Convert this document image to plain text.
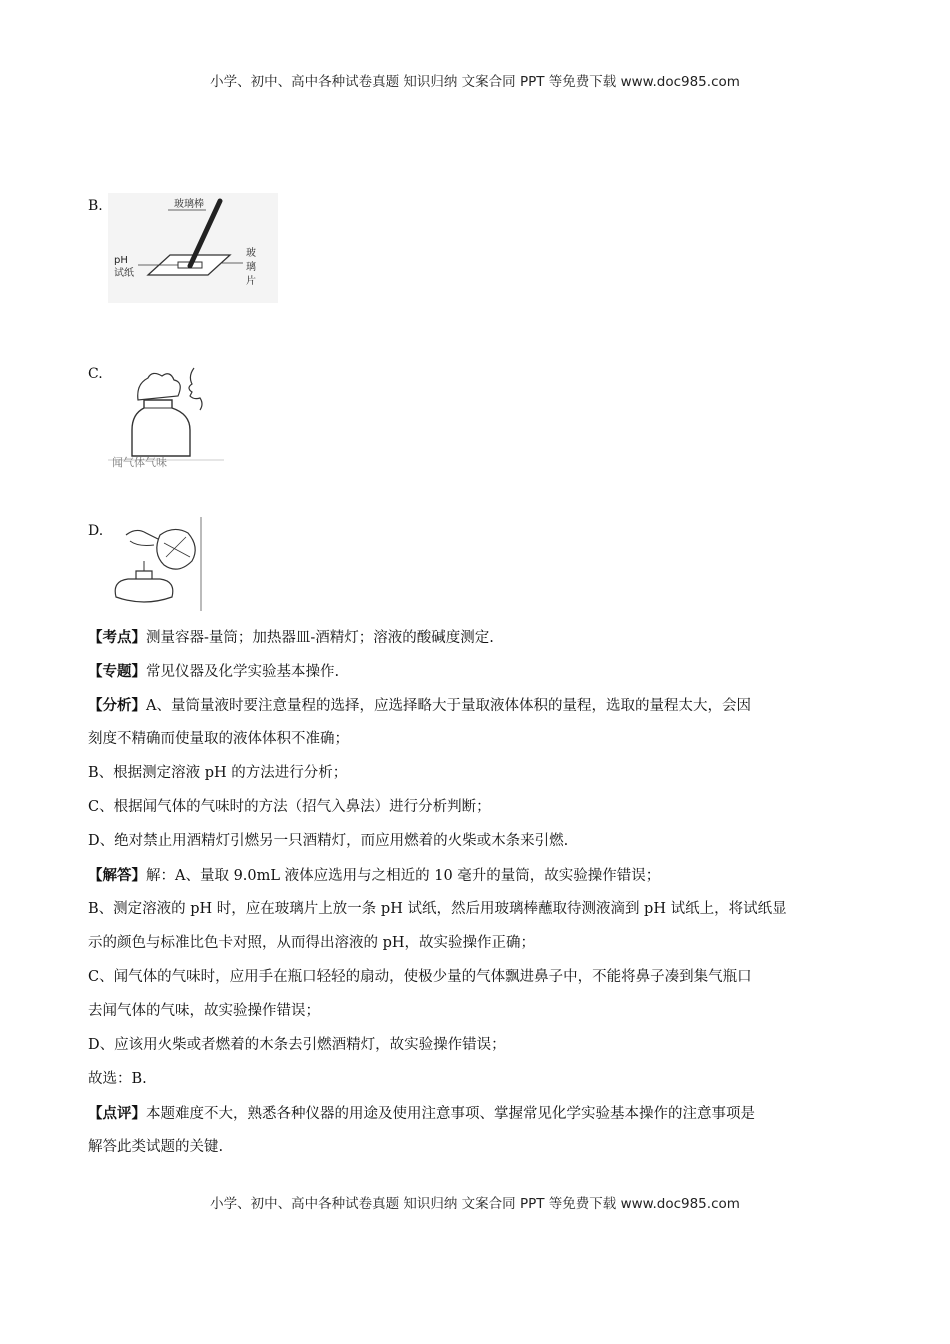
小学、初中、高中各种试卷真题 知识归纳 文案合同 PPT 等免费下载 www.doc985.com
B.	玻璃棒
pH
试纸
玻
璃
片
C.
闻气体气味
D.

【考点】测量容器-量筒；加热器皿-酒精灯；溶液的酸碱度测定.

【专题】常见仪器及化学实验基本操作.

【分析】A、量筒量液时要注意量程的选择，应选择略大于量取液体体积的量程，选取的量程太大，会因

刻度不精确而使量取的液体体积不准确；

B、根据测定溶液 pH 的方法进行分析；

C、根据闻气体的气味时的方法（招气入鼻法）进行分析判断；

D、绝对禁止用酒精灯引燃另一只酒精灯，而应用燃着的火柴或木条来引燃.

【解答】解：A、量取 9.0mL 液体应选用与之相近的 10 毫升的量筒，故实验操作错误；

B、测定溶液的 pH 时，应在玻璃片上放一条 pH 试纸，然后用玻璃棒蘸取待测液滴到 pH 试纸上，将试纸显

示的颜色与标准比色卡对照，从而得出溶液的 pH，故实验操作正确；

C、闻气体的气味时，应用手在瓶口轻轻的扇动，使极少量的气体飘进鼻子中，不能将鼻子凑到集气瓶口

去闻气体的气味，故实验操作错误；

D、应该用火柴或者燃着的木条去引燃酒精灯，故实验操作错误；

故选：B.

【点评】本题难度不大，熟悉各种仪器的用途及使用注意事项、掌握常见化学实验基本操作的注意事项是

解答此类试题的关键.

小学、初中、高中各种试卷真题 知识归纳 文案合同 PPT 等免费下载 www.doc985.com
